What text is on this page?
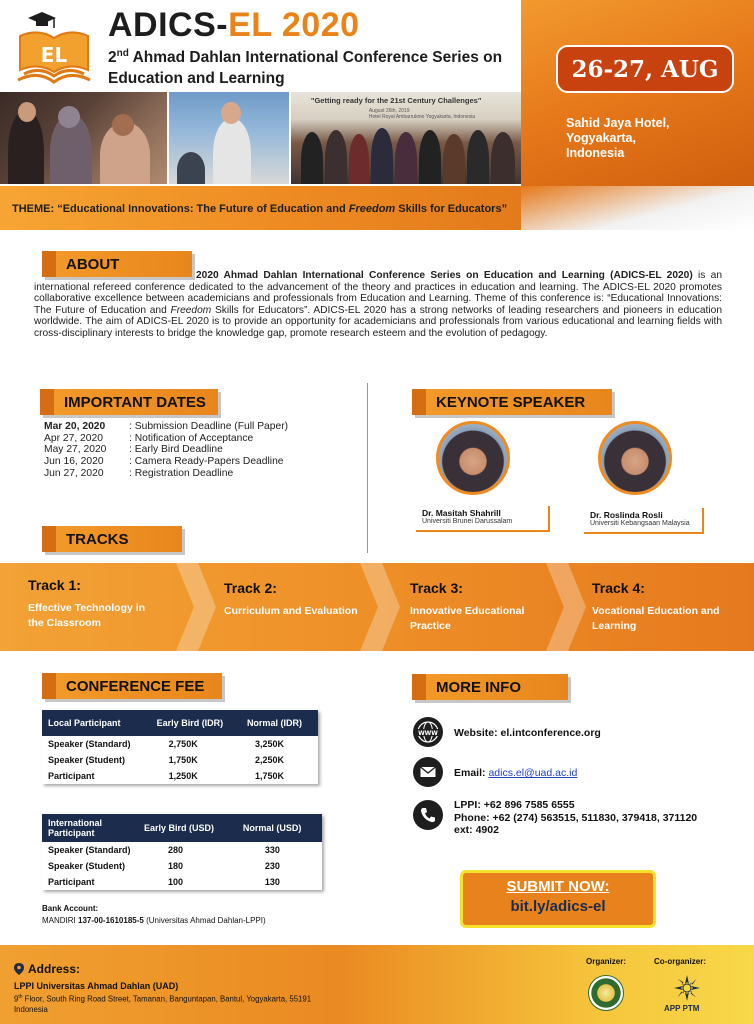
EL
ADICS-EL 2020
2nd Ahmad Dahlan International Conference Series on
Education and Learning	26-27, AUG
Sahid Jaya Hotel,
Yogyakarta,
Indonesia
"Getting ready for the 21st Century Challenges"
August 26th, 2019
Hotel Royal Ambarrukmo Yogyakarta, Indonesia
THEME: “Educational Innovations: The Future of Education and Freedom Skills for Educators”
ABOUT
2020 Ahmad Dahlan International Conference Series on Education and Learning (ADICS-EL 2020) is an international refereed conference dedicated to the advancement of the theory and practices in education and learning. The ADICS-EL 2020 promotes collaborative excellence between academicians and professionals from Education and Learning. Theme of this conference is: “Educational Innovations: The Future of Education and Freedom Skills for Educators”. ADICS-EL 2020 has a strong networks of leading researchers and pioneers in education worldwide. The aim of ADICS-EL 2020 is to provide an opportunity for academicians and professionals from various educational and learning fields with cross-disciplinary interests to bridge the knowledge gap, promote research esteem and the evolution of pedagogy.
IMPORTANT DATES
Mar 20, 2020	: Submission Deadline (Full Paper)
Apr 27, 2020	: Notification of Acceptance
May 27, 2020	: Early Bird Deadline
Jun 16, 2020	: Camera Ready-Papers Deadline
Jun 27, 2020	: Registration Deadline
KEYNOTE SPEAKER
Dr. Masitah Shahrill
Universiti Brunei Darussalam
Dr. Roslinda Rosli
Universiti Kebangsaan Malaysia
TRACKS
Track 1:
Effective Technology in
the Classroom
Track 2:
Curriculum and Evaluation
Track 3:
Innovative Educational
Practice
Track 4:
Vocational Education and
Learning
CONFERENCE FEE
Local Participant	Early Bird (IDR)	Normal (IDR)
Speaker (Standard)	2,750K	3,250K
Speaker (Student)	1,750K	2,250K
Participant	1,250K	1,750K
International Participant	Early Bird (USD)	Normal (USD)
Speaker (Standard)	280	330
Speaker (Student)	180	230
Participant	100	130
Bank Account:
MANDIRI 137-00-1610185-5 (Universitas Ahmad Dahlan-LPPI)
MORE INFO
WWW Website: el.intconference.org
Email: adics.el@uad.ac.id
LPPI: +62 896 7585 6555
Phone: +62 (274) 563515, 511830, 379418, 371120
ext: 4902
SUBMIT NOW:
bit.ly/adics-el
Address:
LPPI Universitas Ahmad Dahlan (UAD)
9th Floor, South Ring Road Street, Tamanan, Banguntapan, Bantul, Yogyakarta, 55191
Indonesia
Organizer:	Co-organizer:
APP PTM
